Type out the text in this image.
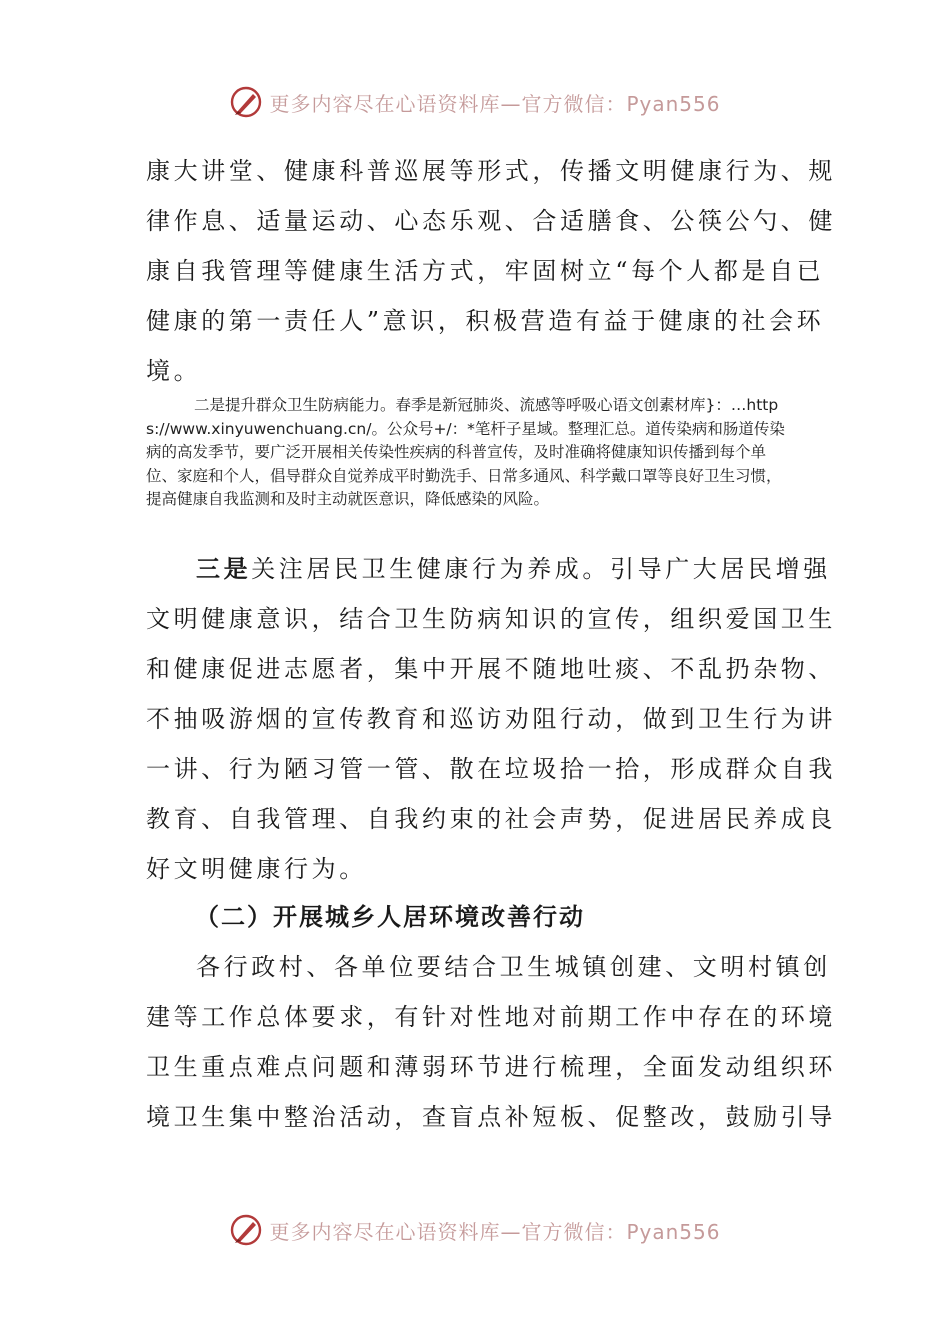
更多内容尽在心语资料库—官方微信：Pyan556
康大讲堂、健康科普巡展等形式，传播文明健康行为、规
律作息、适量运动、心态乐观、合适膳食、公筷公勺、健
康自我管理等健康生活方式，牢固树立“每个人都是自已
健康的第一责任人”意识，积极营造有益于健康的社会环
境。
二是提升群众卫生防病能力。春季是新冠肺炎、流感等呼吸心语文创素材库}：…https://www.xinyuwenchuang.cn/。公众号+/：*笔杆子星域。整理汇总。道传染病和肠道传染病的高发季节，要广泛开展相关传染性疾病的科普宣传，及时准确将健康知识传播到每个单位、家庭和个人，倡导群众自觉养成平时勤洗手、日常多通风、科学戴口罩等良好卫生习惯，提高健康自我监测和及时主动就医意识，降低感染的风险。
三是关注居民卫生健康行为养成。引导广大居民增强
文明健康意识，结合卫生防病知识的宣传，组织爱国卫生
和健康促进志愿者，集中开展不随地吐痰、不乱扔杂物、
不抽吸游烟的宣传教育和巡访劝阻行动，做到卫生行为讲
一讲、行为陋习管一管、散在垃圾拾一拾，形成群众自我
教育、自我管理、自我约束的社会声势，促进居民养成良
好文明健康行为。
（二）开展城乡人居环境改善行动
各行政村、各单位要结合卫生城镇创建、文明村镇创
建等工作总体要求，有针对性地对前期工作中存在的环境
卫生重点难点问题和薄弱环节进行梳理，全面发动组织环
境卫生集中整治活动，查盲点补短板、促整改，鼓励引导
更多内容尽在心语资料库—官方微信：Pyan556
